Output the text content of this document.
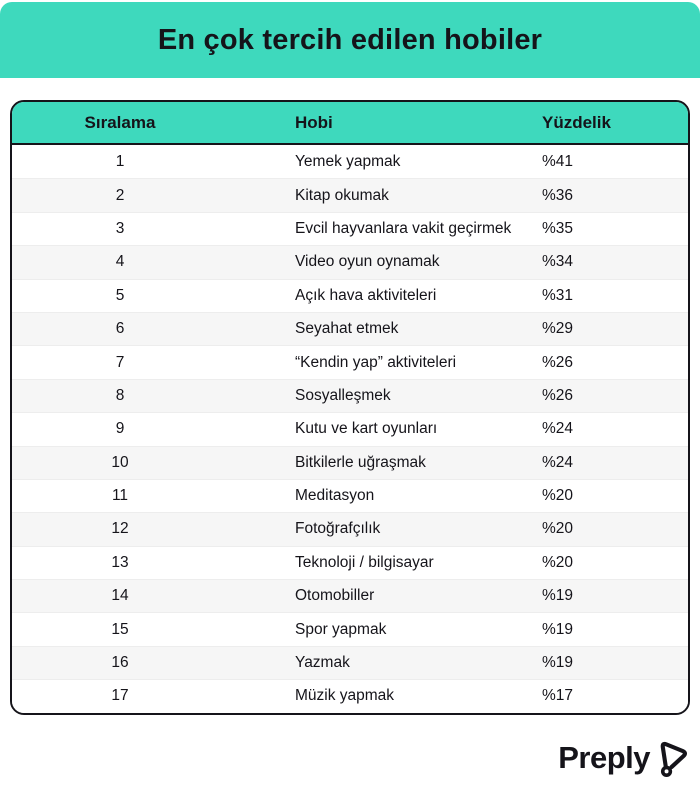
En çok tercih edilen hobiler
Sıralama	Hobi	Yüzdelik
1	Yemek yapmak	%41
2	Kitap okumak	%36
3	Evcil hayvanlara vakit geçirmek	%35
4	Video oyun oynamak	%34
5	Açık hava aktiviteleri	%31
6	Seyahat etmek	%29
7	“Kendin yap” aktiviteleri	%26
8	Sosyalleşmek	%26
9	Kutu ve kart oyunları	%24
10	Bitkilerle uğraşmak	%24
11	Meditasyon	%20
12	Fotoğrafçılık	%20
13	Teknoloji / bilgisayar	%20
14	Otomobiller	%19
15	Spor yapmak	%19
16	Yazmak	%19
17	Müzik yapmak	%17
Preply
